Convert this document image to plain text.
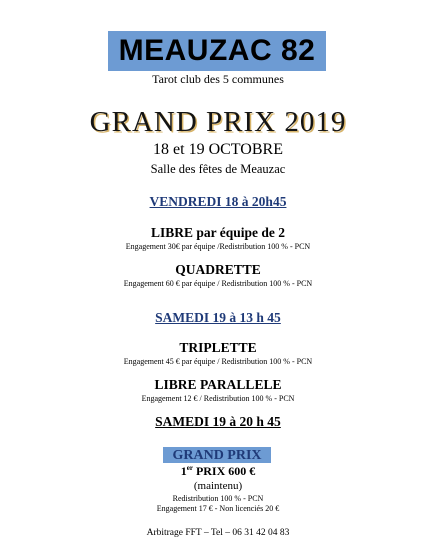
MEAUZAC 82
Tarot club des 5 communes
GRAND PRIX 2019
18 et 19 OCTOBRE
Salle des fêtes de Meauzac
VENDREDI 18 à 20h45
LIBRE par équipe de 2
Engagement 30€ par équipe /Redistribution 100 % - PCN
QUADRETTE
Engagement 60 € par équipe / Redistribution 100 % - PCN
SAMEDI 19 à 13 h 45
TRIPLETTE
Engagement 45 € par équipe / Redistribution 100 % - PCN
LIBRE PARALLELE
Engagement 12 € / Redistribution 100 % - PCN
SAMEDI 19 à 20 h 45
GRAND PRIX
1er PRIX 600 €
(maintenu)
Redistribution 100 % - PCN
Engagement 17 € - Non licenciés 20 €
Arbitrage FFT – Tel – 06 31 42 04 83
